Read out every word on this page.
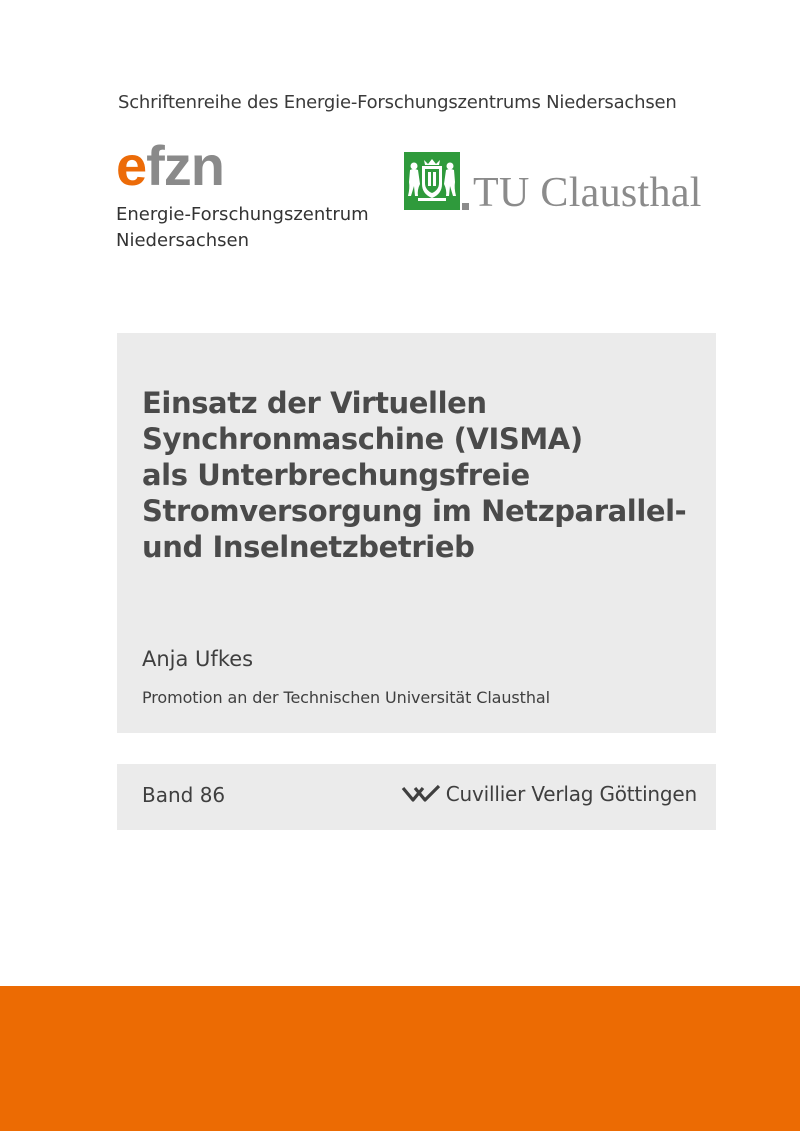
Schriftenreihe des Energie-Forschungszentrums Niedersachsen
efzn
Energie-Forschungszentrum
Niedersachsen
TU Clausthal
Einsatz der Virtuellen
Synchronmaschine (VISMA)
als Unterbrechungsfreie
Stromversorgung im Netzparallel-
und Inselnetzbetrieb
Anja Ufkes
Promotion an der Technischen Universität Clausthal
Band 86	Cuvillier Verlag Göttingen
